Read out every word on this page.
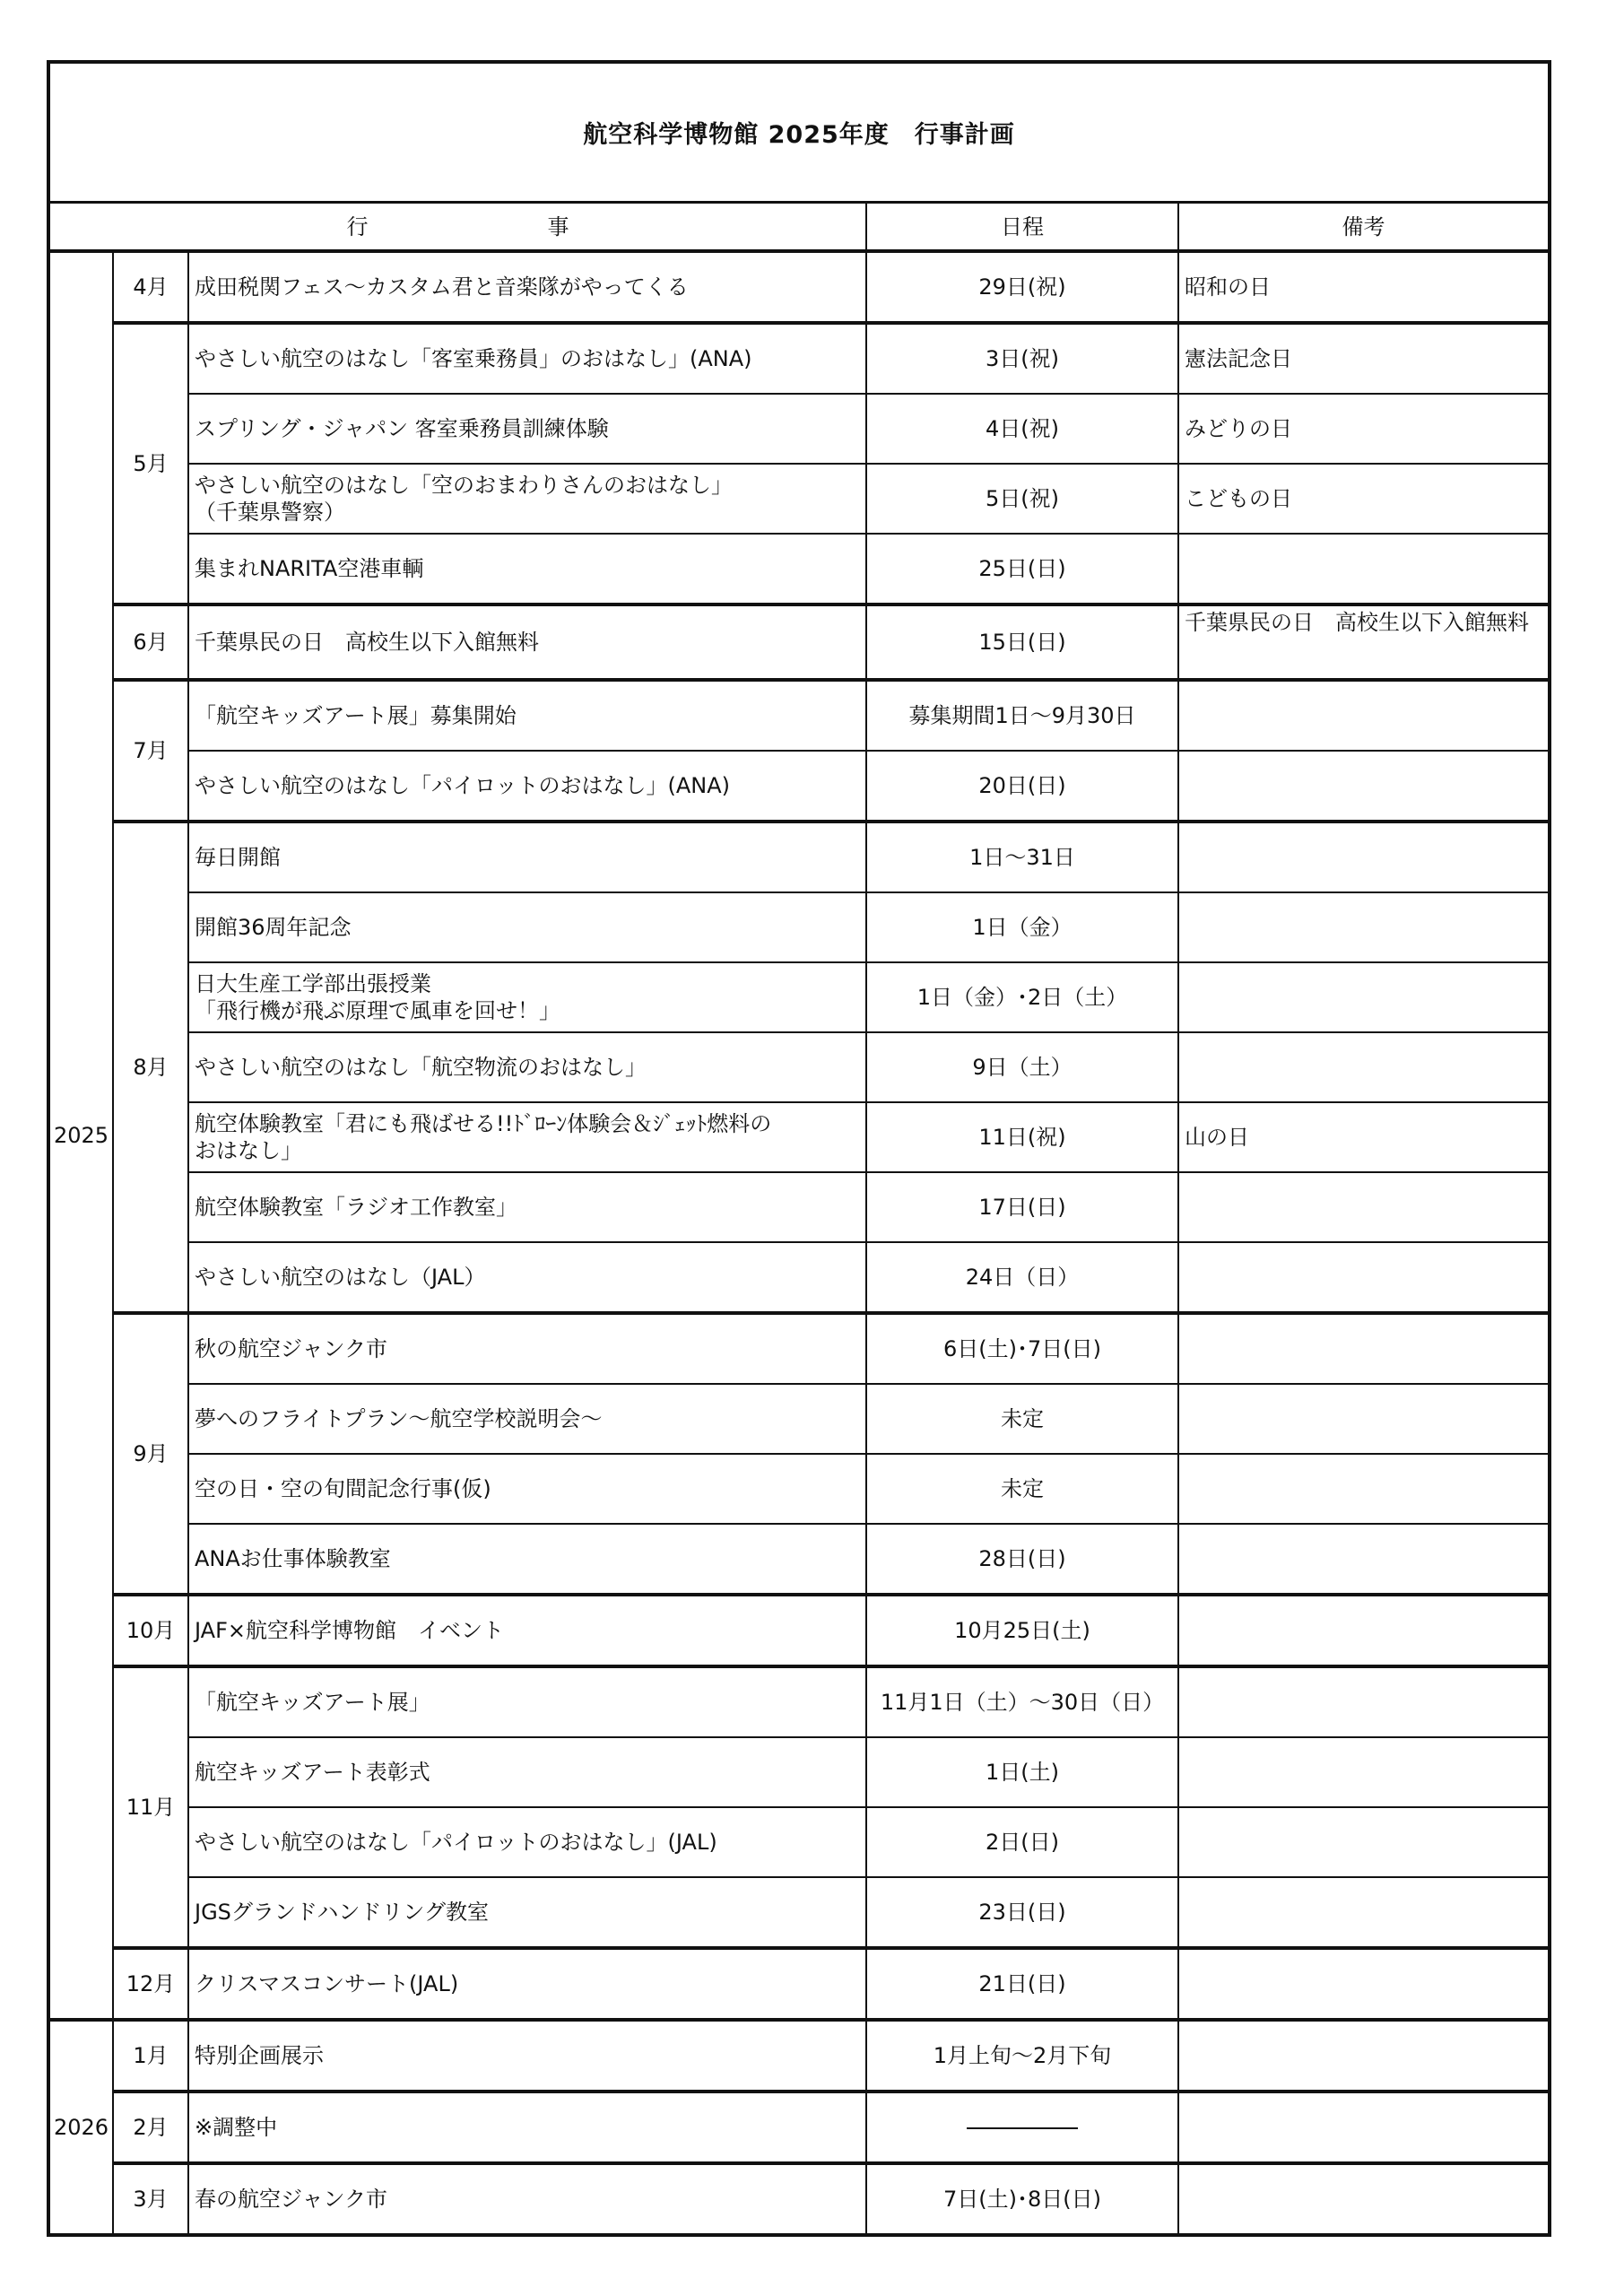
航空科学博物館 2025年度　行事計画
行 事			日程	備考
2025	4月	成田税関フェス～カスタム君と音楽隊がやってくる	29日(祝)	昭和の日
	5月	やさしい航空のはなし「客室乗務員」のおはなし」(ANA)	3日(祝)	憲法記念日
		スプリング・ジャパン 客室乗務員訓練体験	4日(祝)	みどりの日
		やさしい航空のはなし「空のおまわりさんのおはなし」
（千葉県警察）	5日(祝)	こどもの日
		集まれNARITA空港車輌	25日(日)	
	6月	千葉県民の日　高校生以下入館無料	15日(日)	千葉県民の日　高校生以下入館無料
	7月	「航空キッズアート展」募集開始	募集期間1日～9月30日	
		やさしい航空のはなし「パイロットのおはなし」(ANA)	20日(日)	
	8月	毎日開館	1日～31日	
		開館36周年記念	1日（金）	
		日大生産工学部出張授業
「飛行機が飛ぶ原理で風車を回せ！」	1日（金）･2日（土）	
		やさしい航空のはなし「航空物流のおはなし」	9日（土）	
		航空体験教室「君にも飛ばせる!!ﾄﾞﾛｰﾝ体験会＆ｼﾞｪｯﾄ燃料の
おはなし」	11日(祝)	山の日
		航空体験教室「ラジオ工作教室」	17日(日)	
		やさしい航空のはなし（JAL）	24日（日）	
	9月	秋の航空ジャンク市	6日(土)･7日(日)	
		夢へのフライトプラン～航空学校説明会～	未定	
		空の日・空の旬間記念行事(仮)	未定	
		ANAお仕事体験教室	28日(日)	
	10月	JAF×航空科学博物館　イベント	10月25日(土)	
	11月	「航空キッズアート展」	11月1日（土）～30日（日）	
		航空キッズアート表彰式	1日(土)	
		やさしい航空のはなし「パイロットのおはなし」(JAL)	2日(日)	
		JGSグランドハンドリング教室	23日(日)	
	12月	クリスマスコンサート(JAL)	21日(日)	
2026	1月	特別企画展示	1月上旬～2月下旬	
	2月	※調整中		
	3月	春の航空ジャンク市	7日(土)･8日(日)	
